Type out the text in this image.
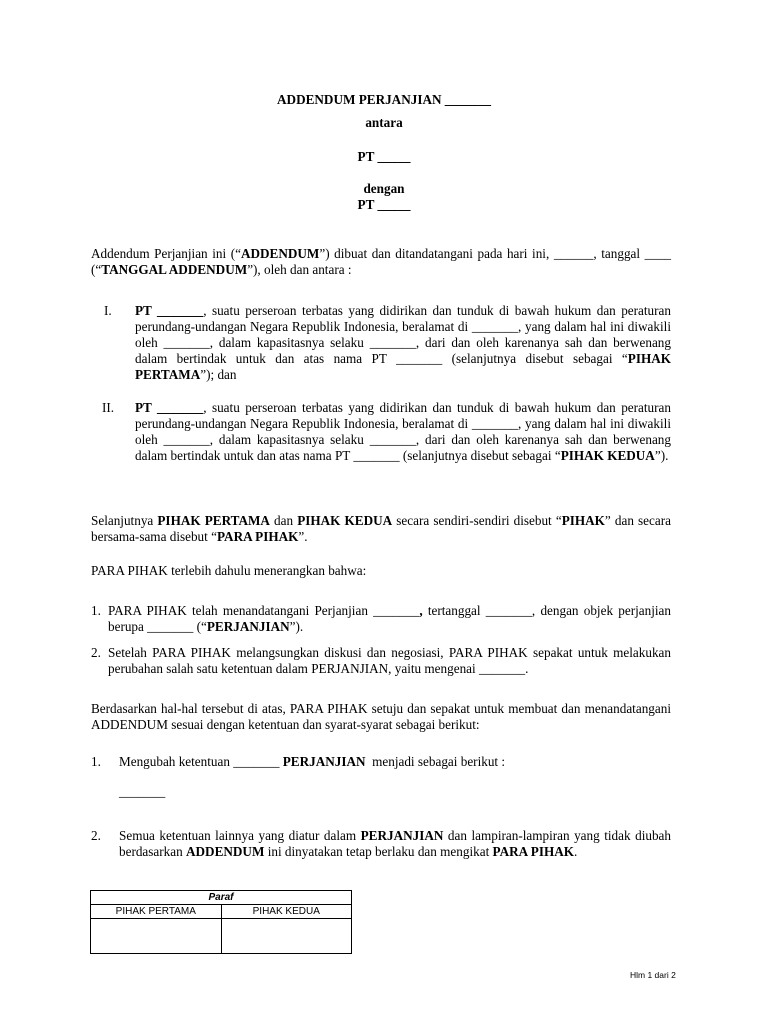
ADDENDUM PERJANJIAN _______
antara
PT _____
dengan
PT _____
Addendum Perjanjian ini (“ADDENDUM”) dibuat dan ditandatangani pada hari ini, ______, tanggal ____ (“TANGGAL ADDENDUM”), oleh dan antara :
I. PT _______, suatu perseroan terbatas yang didirikan dan tunduk di bawah hukum dan peraturan perundang-undangan Negara Republik Indonesia, beralamat di _______, yang dalam hal ini diwakili oleh _______, dalam kapasitasnya selaku _______, dari dan oleh karenanya sah dan berwenang dalam bertindak untuk dan atas nama PT _______ (selanjutnya disebut sebagai “PIHAK PERTAMA”); dan
II. PT _______, suatu perseroan terbatas yang didirikan dan tunduk di bawah hukum dan peraturan perundang-undangan Negara Republik Indonesia, beralamat di _______, yang dalam hal ini diwakili oleh _______, dalam kapasitasnya selaku _______, dari dan oleh karenanya sah dan berwenang dalam bertindak untuk dan atas nama PT _______ (selanjutnya disebut sebagai “PIHAK KEDUA”).
Selanjutnya PIHAK PERTAMA dan PIHAK KEDUA secara sendiri-sendiri disebut “PIHAK” dan secara bersama-sama disebut “PARA PIHAK”.
PARA PIHAK terlebih dahulu menerangkan bahwa:
1. PARA PIHAK telah menandatangani Perjanjian _______, tertanggal _______, dengan objek perjanjian berupa _______ (“PERJANJIAN”).
2. Setelah PARA PIHAK melangsungkan diskusi dan negosiasi, PARA PIHAK sepakat untuk melakukan perubahan salah satu ketentuan dalam PERJANJIAN, yaitu mengenai _______.
Berdasarkan hal-hal tersebut di atas, PARA PIHAK setuju dan sepakat untuk membuat dan menandatangani ADDENDUM sesuai dengan ketentuan dan syarat-syarat sebagai berikut:
1. Mengubah ketentuan _______ PERJANJIAN  menjadi sebagai berikut :
_______
2. Semua ketentuan lainnya yang diatur dalam PERJANJIAN dan lampiran-lampiran yang tidak diubah berdasarkan ADDENDUM ini dinyatakan tetap berlaku dan mengikat PARA PIHAK.
Paraf	
PIHAK PERTAMA	PIHAK KEDUA

Hlm 1 dari 2
